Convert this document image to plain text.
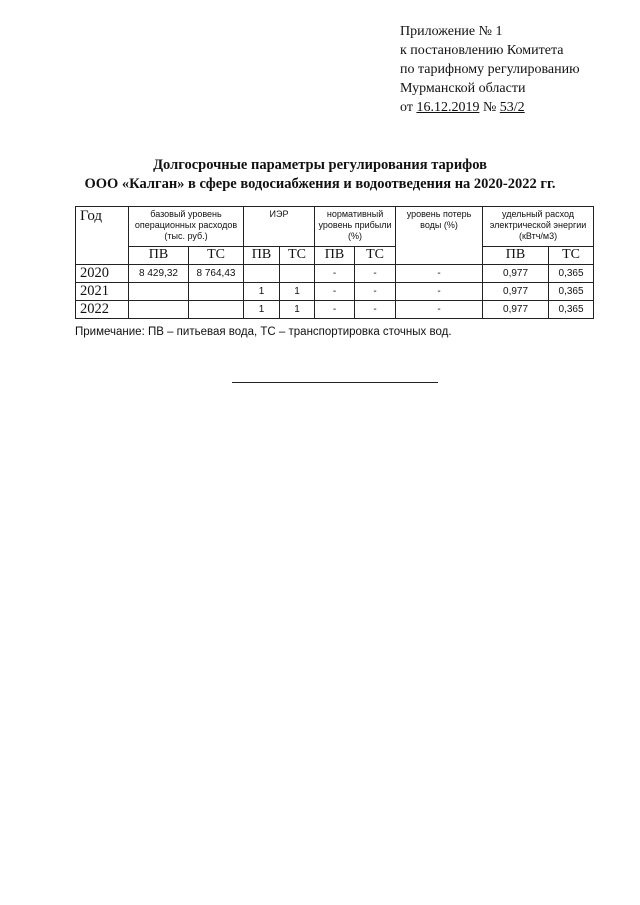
Приложение № 1
к постановлению Комитета
по тарифному регулированию
Мурманской области
от 16.12.2019 № 53/2
Долгосрочные параметры регулирования тарифов
ООО «Калган» в сфере водосиабжения и водоотведения на 2020-2022 гг.
Год	базовый уровень операционных расходов (тыс. руб.)		ИЭР		нормативный уровень прибыли (%)		уровень потерь воды (%)	удельный расход электрической энергии (кВтч/м3)	
	ПВ	ТС	ПВ	ТС	ПВ	ТС		ПВ	ТС
2020	8 429,32	8 764,43			-	-	-	0,977	0,365
2021			1	1	-	-	-	0,977	0,365
2022			1	1	-	-	-	0,977	0,365
Примечание: ПВ – питьевая вода, ТС – транспортировка сточных вод.
